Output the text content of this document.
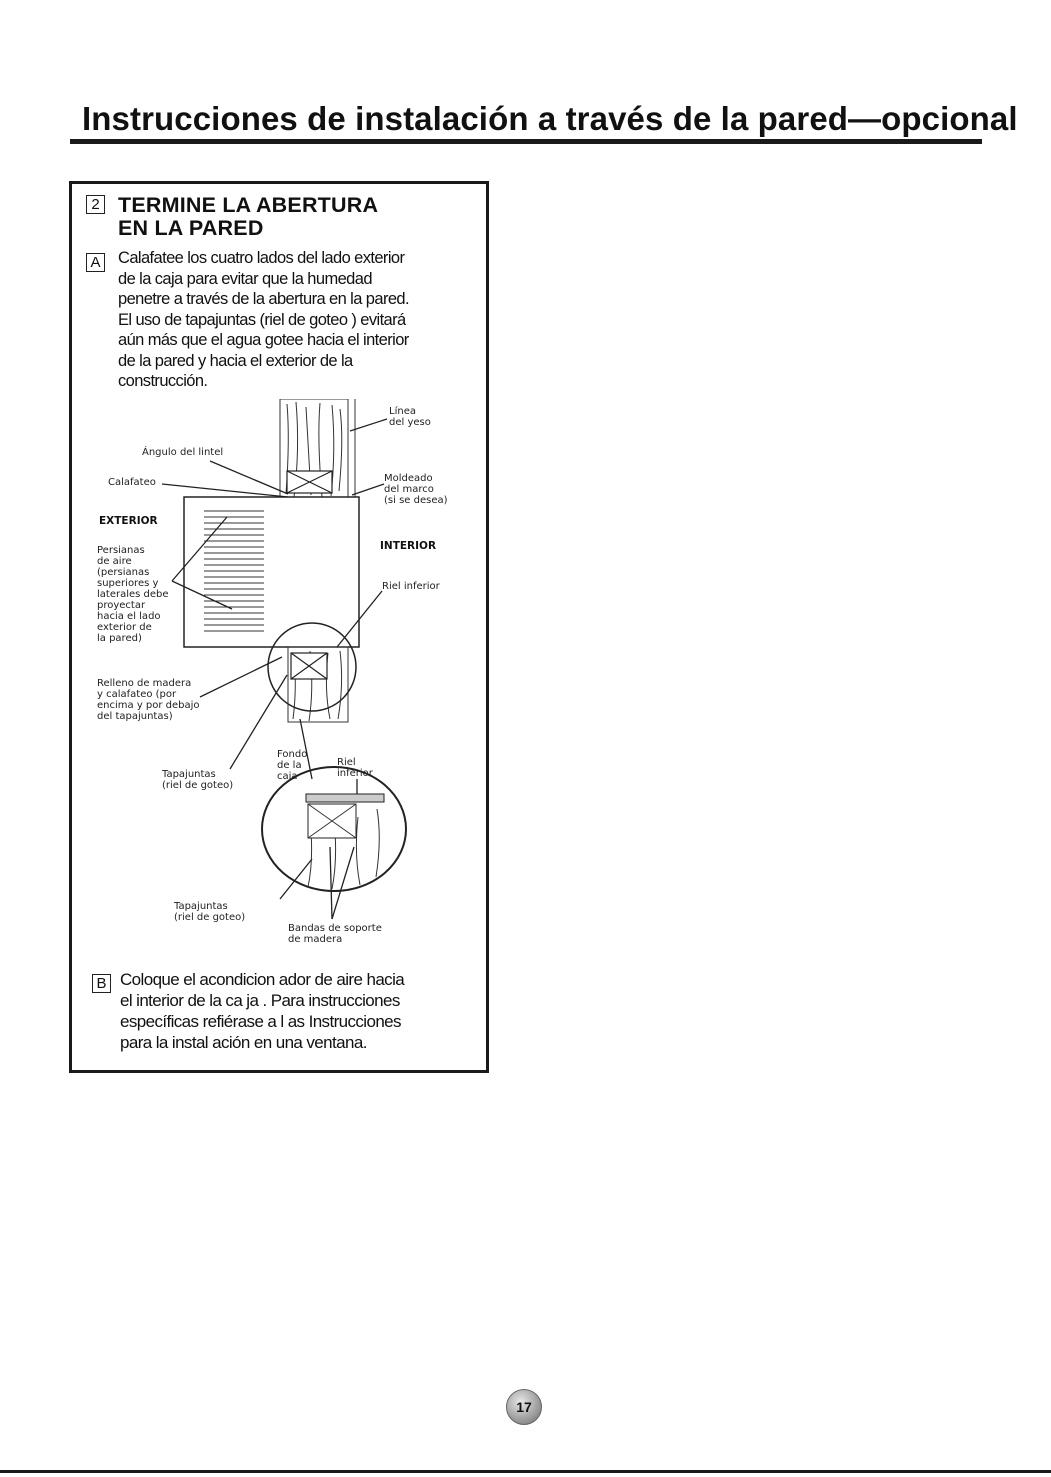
Instrucciones de instalación a través de la pared—opcional
2 TERMINE LA ABERTURA
EN LA PARED
A Calafatee los cuatro lados del lado exterior
de la caja para evitar que la humedad
penetre a través de la abertura en la pared.
El uso de tapajuntas (riel de goteo ) evitará
aún más que el agua gotee hacia el interior
de la pared y hacia el exterior de la
construcción.
Línea del yeso
Ángulo del lintel
Calafateo	Moldeado del marco (si se desea)
EXTERIOR
INTERIOR
Persianas de aire (persianas superiores y laterales debe proyectar hacia el lado exterior de la pared)
Riel inferior
Relleno de madera y calafateo (por encima y por debajo del tapajuntas)
Fondo de la caja
Riel inferior
Tapajuntas (riel de goteo)
Tapajuntas (riel de goteo)
Bandas de soporte de madera
B Coloque el acondicion ador de aire hacia
el interior de la ca ja . Para instrucciones
específicas refiérase a l as Instrucciones
para la instal ación en una ventana.
17
